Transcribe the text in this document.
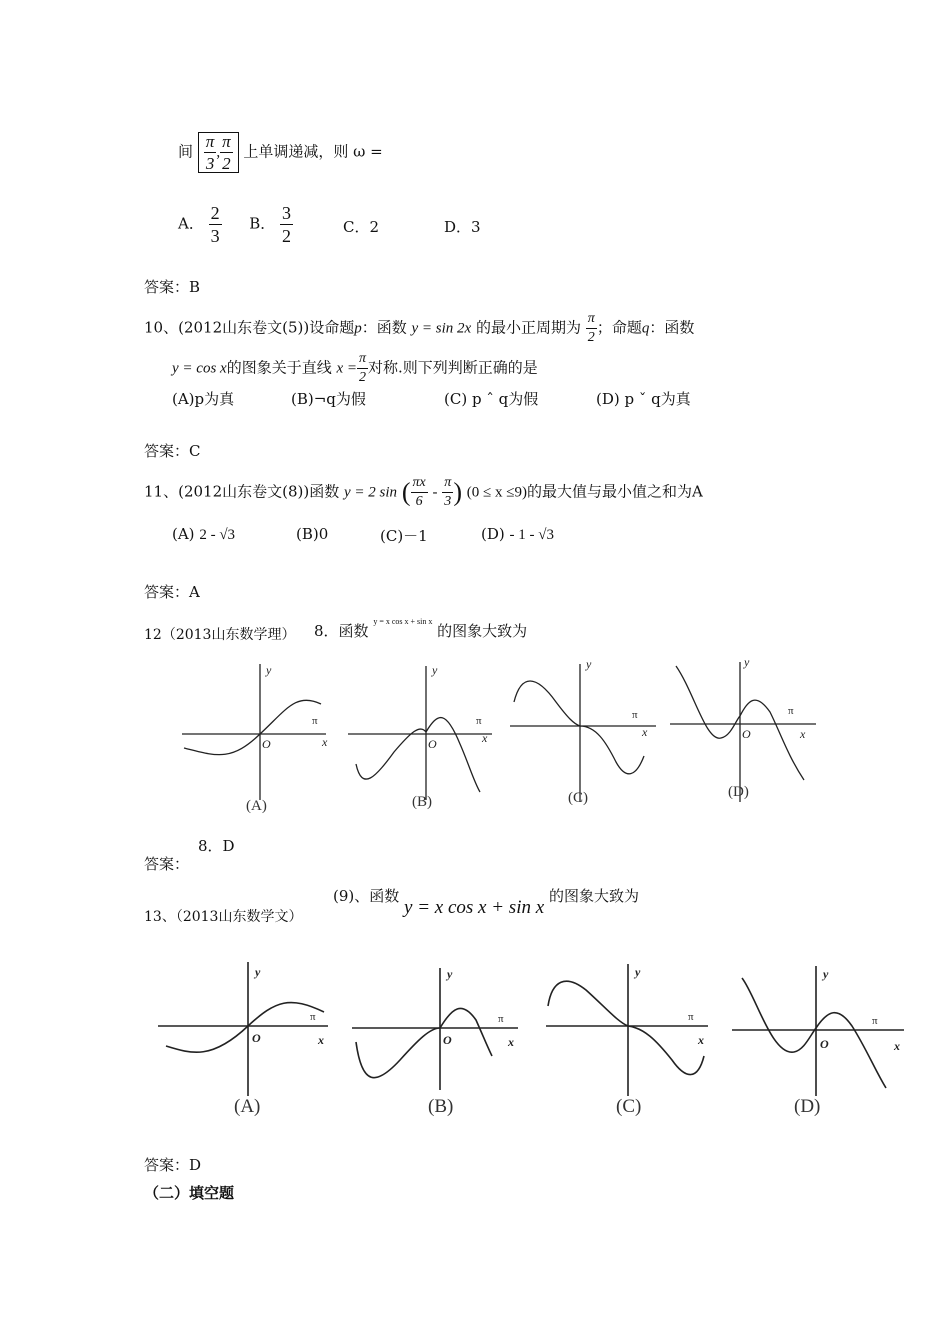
间 $\frac{\pi}{3}$ , $\frac{\pi}{2}$ 上单调递减，则 ω =
A． $\frac{2}{3}$ B． $\frac{3}{2}$	C．2	D．3
答案：B
10、(2012山东卷文(5))设命题p：函数 y = sin 2x 的最小正周期为 $\frac{\pi}{2}$ ；命题q：函数
y = cos x的图象关于直线 $x = \frac{\pi}{2}$ 对称.则下列判断正确的是
(A)p为真	(B)¬q为假	(C) p ˆ q为假	(D) p ˇ q为真
答案：C
11、(2012山东卷文(8))函数 y = 2 sin ( $\frac{\pi x}{6} - \frac{\pi}{3}$ ) (0 ≤ x ≤9)的最大值与最小值之和为A
(A) 2 - √3	(B)0	(C)－1	(D) - 1 - √3
答案：A
12（2013山东数学理） 8．函数 $^{y = x cos x + sin x}$ 的图象大致为
y
x
O
y
x
O
y
x
y
x
O
π	π	π	π
(A)	(B)	(C)	(D)
8．D
答案：
13、（2013山东数学文）
(9)、函数 y = x cos x + sin x 的图象大致为
y
x
O
y
x
O
y
x
y
x
O
π	π	π	π
(A)	(B)	(C)	(D)
答案：D
（二）填空题
